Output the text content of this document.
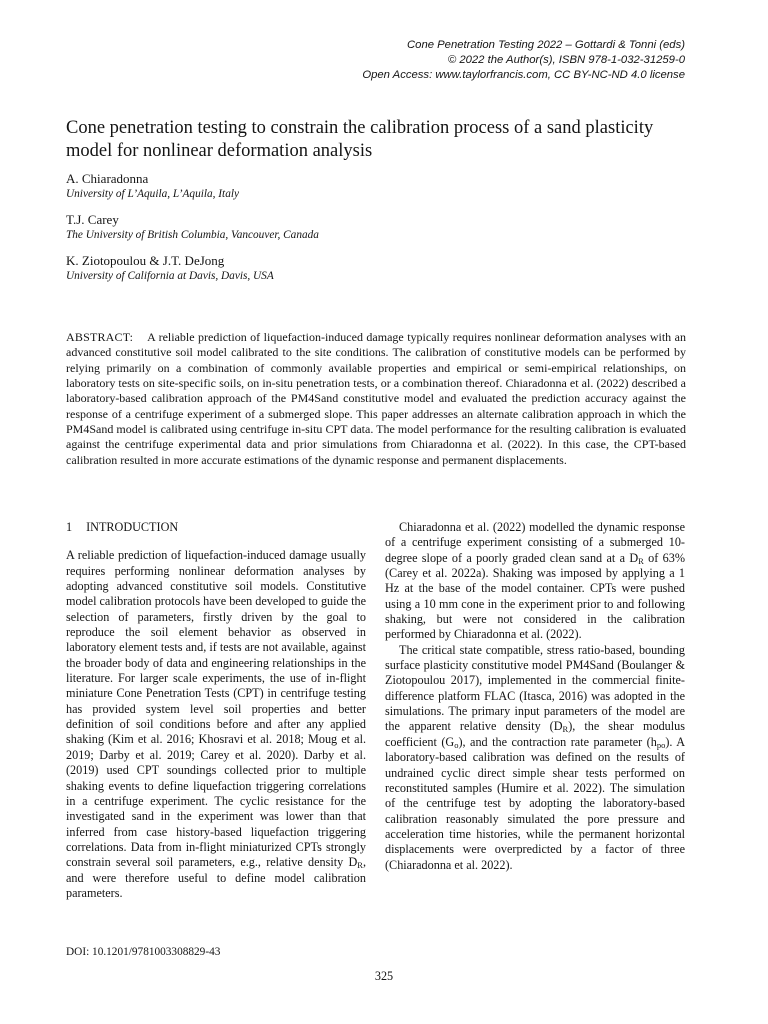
Cone Penetration Testing 2022 – Gottardi & Tonni (eds)
© 2022 the Author(s), ISBN 978-1-032-31259-0
Open Access: www.taylorfrancis.com, CC BY-NC-ND 4.0 license
Cone penetration testing to constrain the calibration process of a sand plasticity model for nonlinear deformation analysis
A. Chiaradonna
University of L’Aquila, L’Aquila, Italy
T.J. Carey
The University of British Columbia, Vancouver, Canada
K. Ziotopoulou & J.T. DeJong
University of California at Davis, Davis, USA

ABSTRACT: A reliable prediction of liquefaction-induced damage typically requires nonlinear deformation analyses with an advanced constitutive soil model calibrated to the site conditions. The calibration of constitutive models can be performed by relying primarily on a combination of commonly available properties and empirical or semi-empirical relationships, on laboratory tests on site-specific soils, on in-situ penetration tests, or a combination thereof. Chiaradonna et al. (2022) described a laboratory-based calibration approach of the PM4Sand constitutive model and evaluated the prediction accuracy against the response of a centrifuge experiment of a submerged slope. This paper addresses an alternate calibration approach in which the PM4Sand model is calibrated using centrifuge in-situ CPT data. The model performance for the resulting calibration is evaluated against the centrifuge experimental data and prior simulations from Chiaradonna et al. (2022). In this case, the CPT-based calibration resulted in more accurate estimations of the dynamic response and permanent displacements.

1 INTRODUCTION

A reliable prediction of liquefaction-induced damage usually requires performing nonlinear deformation analyses by adopting advanced constitutive soil models. Constitutive model calibration protocols have been developed to guide the selection of parameters, firstly driven by the goal to reproduce the soil element behavior as observed in laboratory element tests and, if tests are not available, against the broader body of data and engineering relationships in the literature. For larger scale experiments, the use of in-flight miniature Cone Penetration Tests (CPT) in centrifuge testing has provided system level soil properties and better definition of soil conditions before and after any applied shaking (Kim et al. 2016; Khosravi et al. 2018; Moug et al. 2019; Darby et al. 2019; Carey et al. 2020). Darby et al. (2019) used CPT soundings collected prior to multiple shaking events to define liquefaction triggering correlations in a centrifuge experiment. The cyclic resistance for the investigated sand in the experiment was lower than that inferred from case history-based liquefaction triggering correlations. Data from in-flight miniaturized CPTs strongly constrain several soil parameters, e.g., relative density $D_R$, and were therefore useful to define model calibration parameters.

Chiaradonna et al. (2022) modelled the dynamic response of a centrifuge experiment consisting of a submerged 10-degree slope of a poorly graded clean sand at a $D_R$ of 63% (Carey et al. 2022a). Shaking was imposed by applying a 1 Hz at the base of the model container. CPTs were pushed using a 10 mm cone in the experiment prior to and following shaking, but were not considered in the calibration performed by Chiaradonna et al. (2022).

The critical state compatible, stress ratio-based, bounding surface plasticity constitutive model PM4Sand (Boulanger & Ziotopoulou 2017), implemented in the commercial finite-difference platform FLAC (Itasca, 2016) was adopted in the simulations. The primary input parameters of the model are the apparent relative density $(D_R)$, the shear modulus coefficient $(G_o)$, and the contraction rate parameter $(h_{po})$. A laboratory-based calibration was defined on the results of undrained cyclic direct simple shear tests performed on reconstituted samples (Humire et al. 2022). The simulation of the centrifuge test by adopting the laboratory-based calibration reasonably simulated the pore pressure and acceleration time histories, while the permanent horizontal displacements were overpredicted by a factor of three (Chiaradonna et al. 2022).

DOI: 10.1201/9781003308829-43
325
